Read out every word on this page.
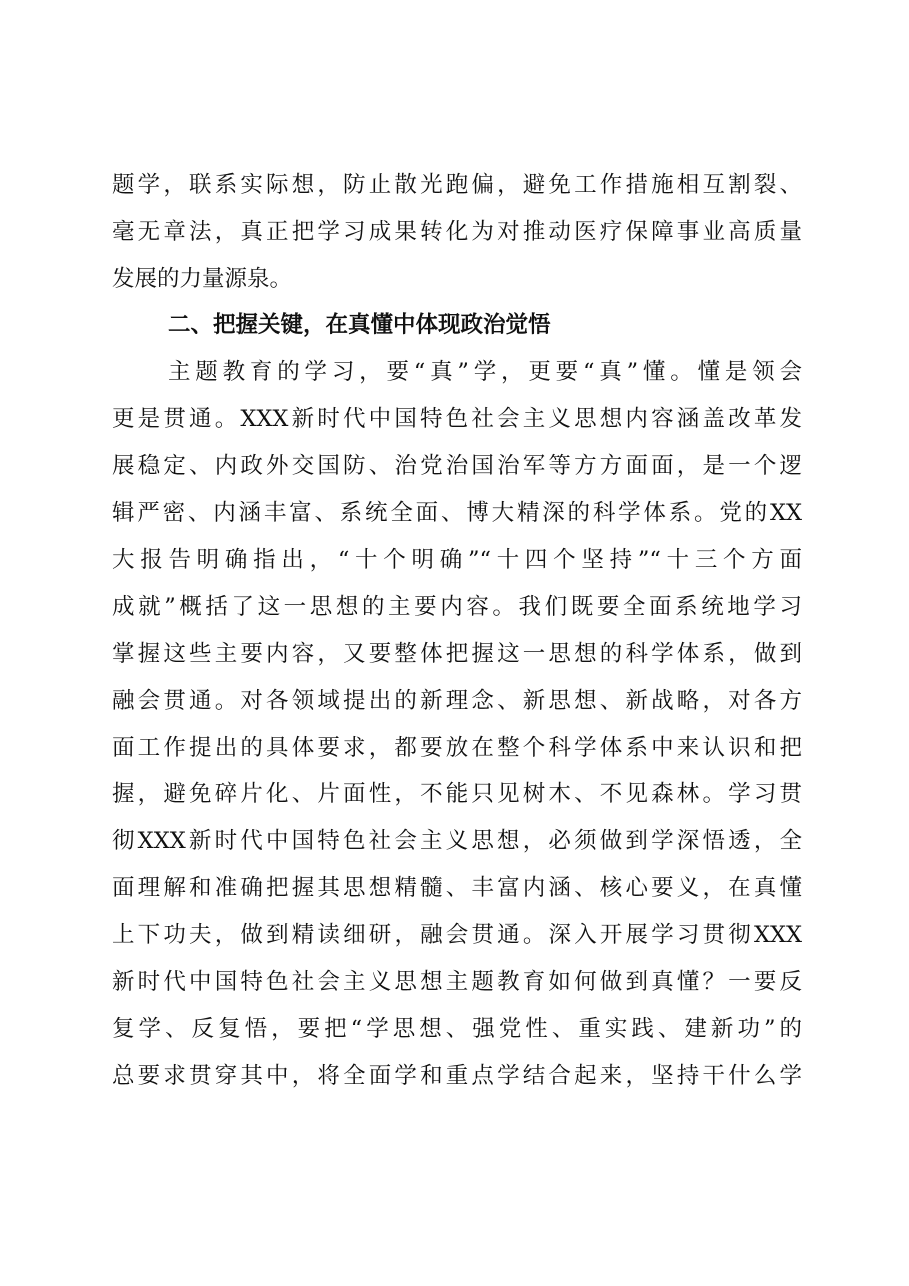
题学，联系实际想，防止散光跑偏，避免工作措施相互割裂、
毫无章法，真正把学习成果转化为对推动医疗保障事业高质量
发展的力量源泉。
二、把握关键，在真懂中体现政治觉悟
主题教育的学习，要“真”学，更要“真”懂。懂是领会
更是贯通。XXX新时代中国特色社会主义思想内容涵盖改革发
展稳定、内政外交国防、治党治国治军等方方面面，是一个逻
辑严密、内涵丰富、系统全面、博大精深的科学体系。党的XX
大报告明确指出，“十个明确”“十四个坚持”“十三个方面
成就”概括了这一思想的主要内容。我们既要全面系统地学习
掌握这些主要内容，又要整体把握这一思想的科学体系，做到
融会贯通。对各领域提出的新理念、新思想、新战略，对各方
面工作提出的具体要求，都要放在整个科学体系中来认识和把
握，避免碎片化、片面性，不能只见树木、不见森林。学习贯
彻XXX新时代中国特色社会主义思想，必须做到学深悟透，全
面理解和准确把握其思想精髓、丰富内涵、核心要义，在真懂
上下功夫，做到精读细研，融会贯通。深入开展学习贯彻XXX
新时代中国特色社会主义思想主题教育如何做到真懂？一要反
复学、反复悟，要把“学思想、强党性、重实践、建新功”的
总要求贯穿其中，将全面学和重点学结合起来，坚持干什么学
